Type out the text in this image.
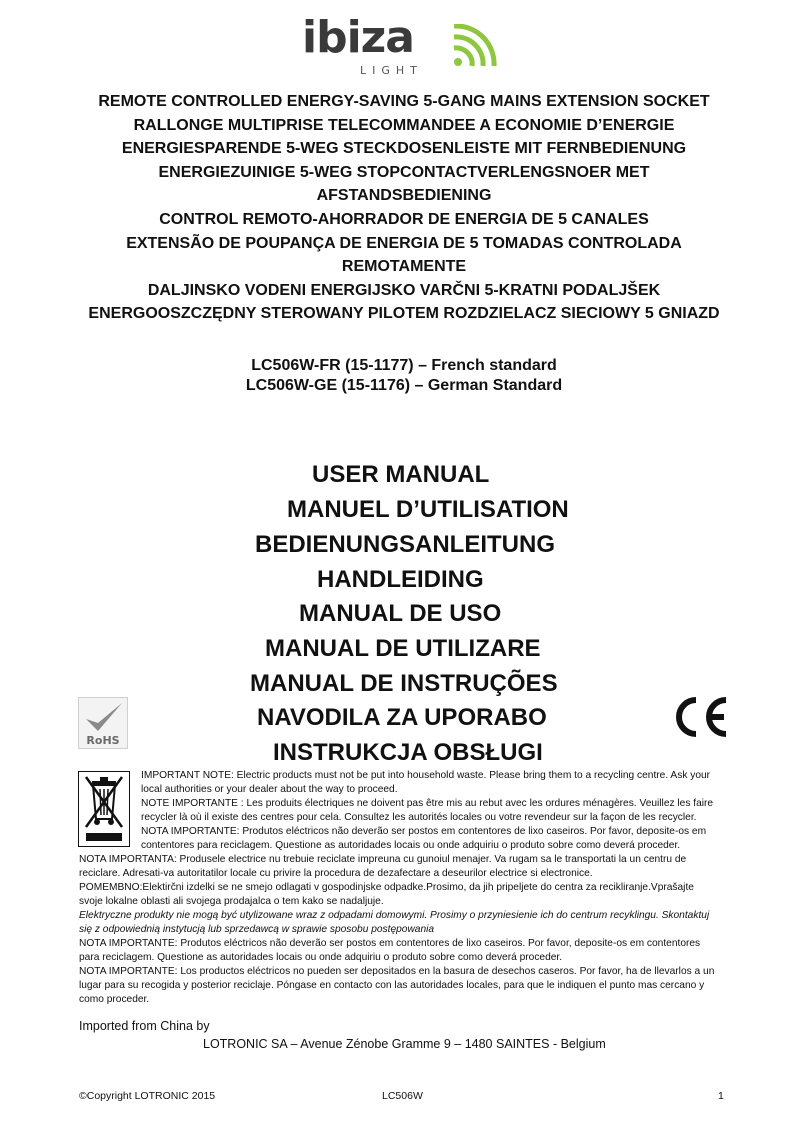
ibiza
LIGHT
REMOTE CONTROLLED ENERGY-SAVING 5-GANG MAINS EXTENSION SOCKET
RALLONGE MULTIPRISE TELECOMMANDEE A ECONOMIE D’ENERGIE
ENERGIESPARENDE 5-WEG STECKDOSENLEISTE MIT FERNBEDIENUNG
ENERGIEZUINIGE 5-WEG STOPCONTACTVERLENGSNOER MET
AFSTANDSBEDIENING
CONTROL REMOTO-AHORRADOR DE ENERGIA DE 5 CANALES
EXTENSÃO DE POUPANÇA DE ENERGIA DE 5 TOMADAS CONTROLADA
REMOTAMENTE
DALJINSKO VODENI ENERGIJSKO VARČNI 5-KRATNI PODALJŠEK
ENERGOOSZCZĘDNY STEROWANY PILOTEM ROZDZIELACZ SIECIOWY 5 GNIAZD
LC506W-FR (15-1177) – French standard
LC506W-GE (15-1176) – German Standard
USER MANUAL
MANUEL D’UTILISATION
BEDIENUNGSANLEITUNG
HANDLEIDING
MANUAL DE USO
MANUAL DE UTILIZARE
MANUAL DE INSTRUÇÕES
NAVODILA ZA UPORABO
INSTRUKCJA OBSŁUGI
RoHS
IMPORTANT NOTE: Electric products must not be put into household waste. Please bring them to a recycling centre. Ask your
local authorities or your dealer about the way to proceed.
NOTE IMPORTANTE : Les produits électriques ne doivent pas être mis au rebut avec les ordures ménagères. Veuillez les faire
recycler là où il existe des centres pour cela. Consultez les autorités locales ou votre revendeur sur la façon de les recycler.
NOTA IMPORTANTE: Produtos eléctricos não deverão ser postos em contentores de lixo caseiros. Por favor, deposite-os em
contentores para reciclagem. Questione as autoridades locais ou onde adquiriu o produto sobre como deverá proceder.
NOTA IMPORTANTA: Produsele electrice nu trebuie reciclate impreuna cu gunoiul menajer. Va rugam sa le transportati la un centru de
reciclare. Adresati-va autoritatilor locale cu privire la procedura de dezafectare a deseurilor electrice si electronice.
POMEMBNO:Elektirčni izdelki se ne smejo odlagati v gospodinjske odpadke.Prosimo, da jih pripeljete do centra za recikliranje.Vprašajte
svoje lokalne oblasti ali svojega prodajalca o tem kako se nadaljuje.
Elektryczne produkty nie mogą być utylizowane wraz z odpadami domowymi. Prosimy o przyniesienie ich do centrum recyklingu. Skontaktuj
się z odpowiednią instytucją lub sprzedawcą w sprawie sposobu postępowania
NOTA IMPORTANTE: Produtos eléctricos não deverão ser postos em contentores de lixo caseiros. Por favor, deposite-os em contentores
para reciclagem. Questione as autoridades locais ou onde adquiriu o produto sobre como deverá proceder.
NOTA IMPORTANTE: Los productos eléctricos no pueden ser depositados en la basura de desechos caseros. Por favor, ha de llevarlos a un
lugar para su recogida y posterior reciclaje. Póngase en contacto con las autoridades locales, para que le indiquen el punto mas cercano y
como proceder.
Imported from China by
LOTRONIC SA – Avenue Zénobe Gramme 9 – 1480 SAINTES - Belgium
©Copyright LOTRONIC 2015	LC506W	1
